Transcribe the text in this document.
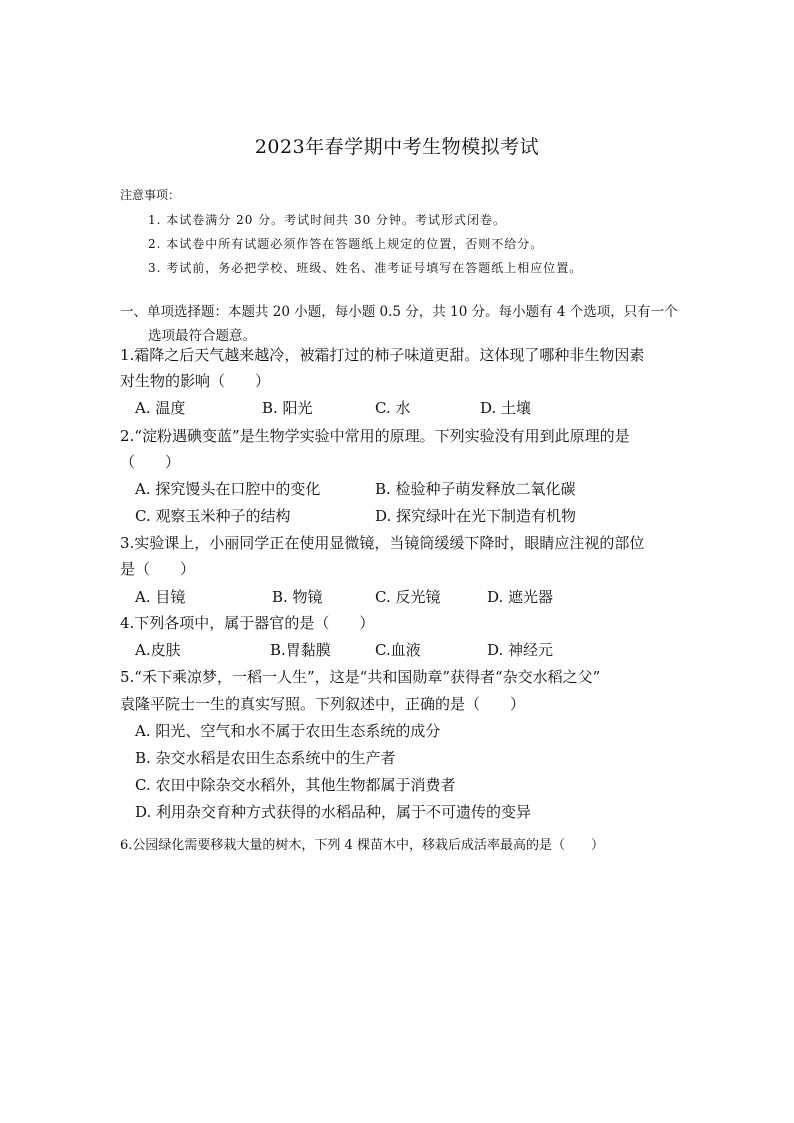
2023年春学期中考生物模拟考试
注意事项：
1. 本试卷满分 20 分。考试时间共 30 分钟。考试形式闭卷。
2. 本试卷中所有试题必须作答在答题纸上规定的位置，否则不给分。
3. 考试前，务必把学校、班级、姓名、准考证号填写在答题纸上相应位置。
一、单项选择题：本题共 20 小题，每小题 0.5 分，共 10 分。每小题有 4 个选项，只有一个
选项最符合题意。
1.霜降之后天气越来越冷，被霜打过的柿子味道更甜。这体现了哪种非生物因素
对生物的影响（　　）
A. 温度	B. 阳光	C. 水	D. 土壤
2.“淀粉遇碘变蓝”是生物学实验中常用的原理。下列实验没有用到此原理的是
（　　）
A. 探究馒头在口腔中的变化	B. 检验种子萌发释放二氧化碳
C. 观察玉米种子的结构	D. 探究绿叶在光下制造有机物
3.实验课上，小丽同学正在使用显微镜，当镜筒缓缓下降时，眼睛应注视的部位
是（　　）
A. 目镜	B. 物镜	C. 反光镜	D. 遮光器
4.下列各项中，属于器官的是（　　）
A.皮肤	B.胃黏膜	C.血液	D. 神经元
5.“禾下乘凉梦，一稻一人生”，这是“共和国勋章”获得者“杂交水稻之父”
袁隆平院士一生的真实写照。下列叙述中，正确的是（　　）
A. 阳光、空气和水不属于农田生态系统的成分
B. 杂交水稻是农田生态系统中的生产者
C. 农田中除杂交水稻外，其他生物都属于消费者
D. 利用杂交育种方式获得的水稻品种，属于不可遗传的变异
6.公园绿化需要移栽大量的树木，下列 4 棵苗木中，移栽后成活率最高的是（　　）
